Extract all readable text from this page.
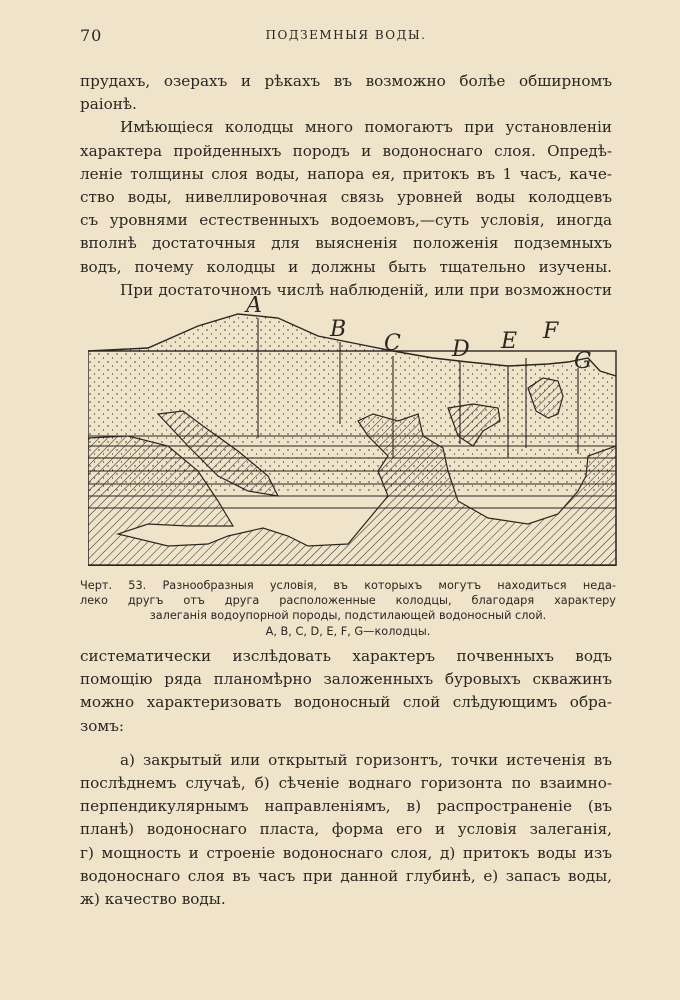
70	ПОДЗЕМНЫЯ ВОДЫ.
прудахъ, озерахъ и рѣкахъ въ возможно болѣе обширномъ
раіонѣ.
Имѣющіеся колодцы много помогаютъ при установленіи
характера пройденныхъ породъ и водоноснаго слоя. Опредѣ-
леніе толщины слоя воды, напора ея, притокъ въ 1 часъ, каче-
ство воды, нивеллировочная связь уровней воды колодцевъ
съ уровнями естественныхъ водоемовъ,—суть условія, иногда
вполнѣ достаточныя для выясненія положенія подземныхъ
водъ, почему колодцы и должны быть тщательно изучены.
При достаточномъ числѣ наблюденій, или при возможности
A
B
C D E F
G
Черт. 53. Разнообразныя условія, въ которыхъ могутъ находиться неда-
леко другъ отъ друга расположенные колодцы, благодаря характеру
залеганія водоупорной породы, подстилающей водоносный слой.
A, B, C, D, E, F, G—колодцы.
систематически изслѣдовать характеръ почвенныхъ водъ
помощію ряда планомѣрно заложенныхъ буровыхъ скважинъ
можно характеризовать водоносный слой слѣдующимъ обра-
зомъ:
а) закрытый или открытый горизонтъ, точки истеченія въ
послѣднемъ случаѣ, б) сѣченіе воднаго горизонта по взаимно-
перпендикулярнымъ направленіямъ, в) распространеніе (въ
планѣ) водоноснаго пласта, форма его и условія залеганія,
г) мощность и строеніе водоноснаго слоя, д) притокъ воды изъ
водоноснаго слоя въ часъ при данной глубинѣ, е) запасъ воды,
ж) качество воды.
